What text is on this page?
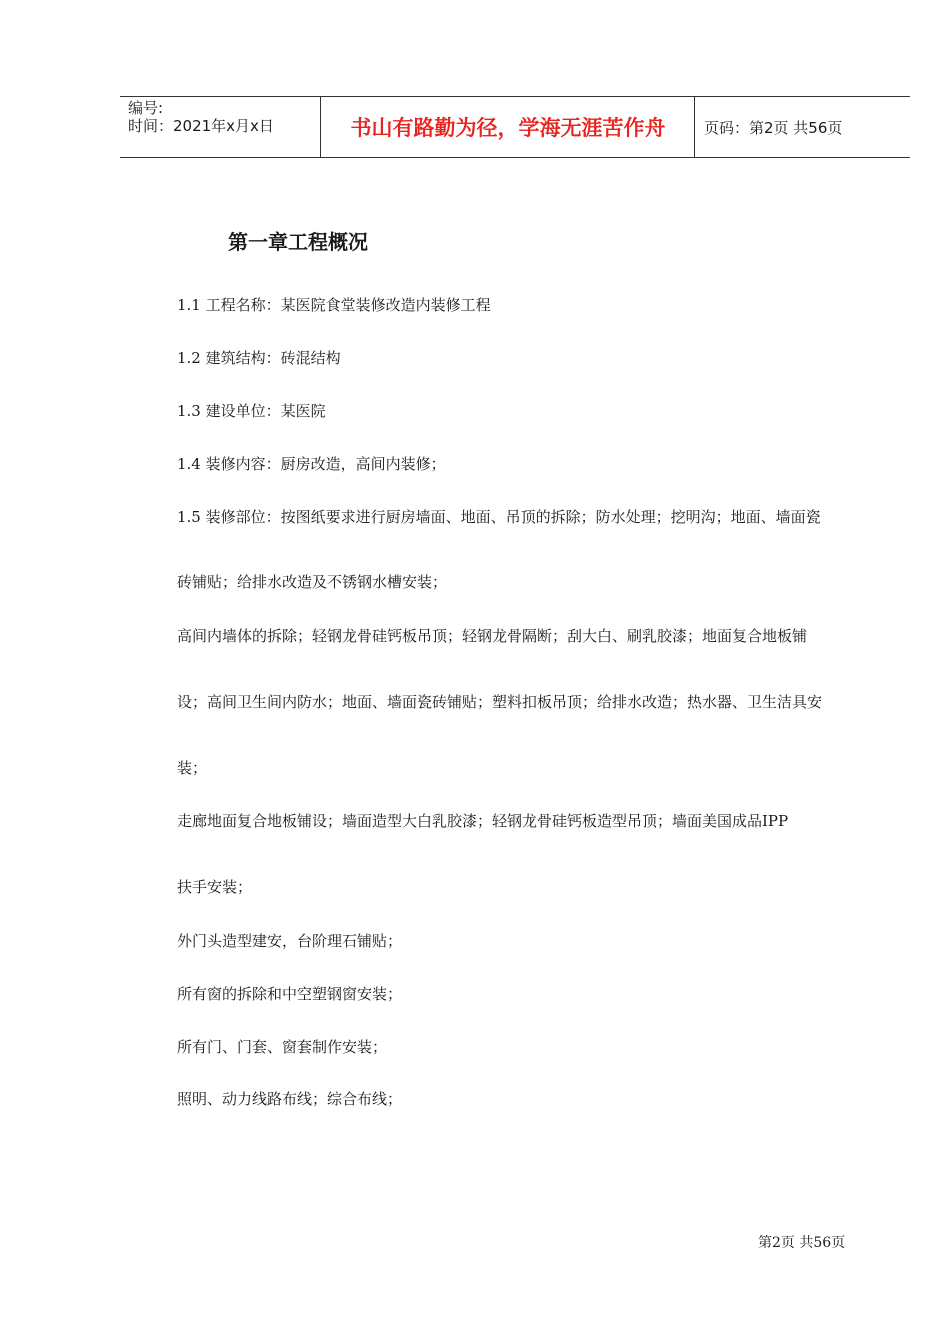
编号:
时间：2021年x月x日	书山有路勤为径，学海无涯苦作舟	页码：第2页 共56页
第一章工程概况
1.1 工程名称：某医院食堂装修改造内装修工程
1.2 建筑结构：砖混结构
1.3 建设单位：某医院
1.4 装修内容：厨房改造，高间内装修；
1.5 装修部位：按图纸要求进行厨房墙面、地面、吊顶的拆除；防水处理；挖明沟；地面、墙面瓷
砖铺贴；给排水改造及不锈钢水槽安装；
高间内墙体的拆除；轻钢龙骨硅钙板吊顶；轻钢龙骨隔断；刮大白、刷乳胶漆；地面复合地板铺
设；高间卫生间内防水；地面、墙面瓷砖铺贴；塑料扣板吊顶；给排水改造；热水器、卫生洁具安
装；
走廊地面复合地板铺设；墙面造型大白乳胶漆；轻钢龙骨硅钙板造型吊顶；墙面美国成品IPP
扶手安装；
外门头造型建安，台阶理石铺贴；
所有窗的拆除和中空塑钢窗安装；
所有门、门套、窗套制作安装；
照明、动力线路布线；综合布线；
第2页 共56页
